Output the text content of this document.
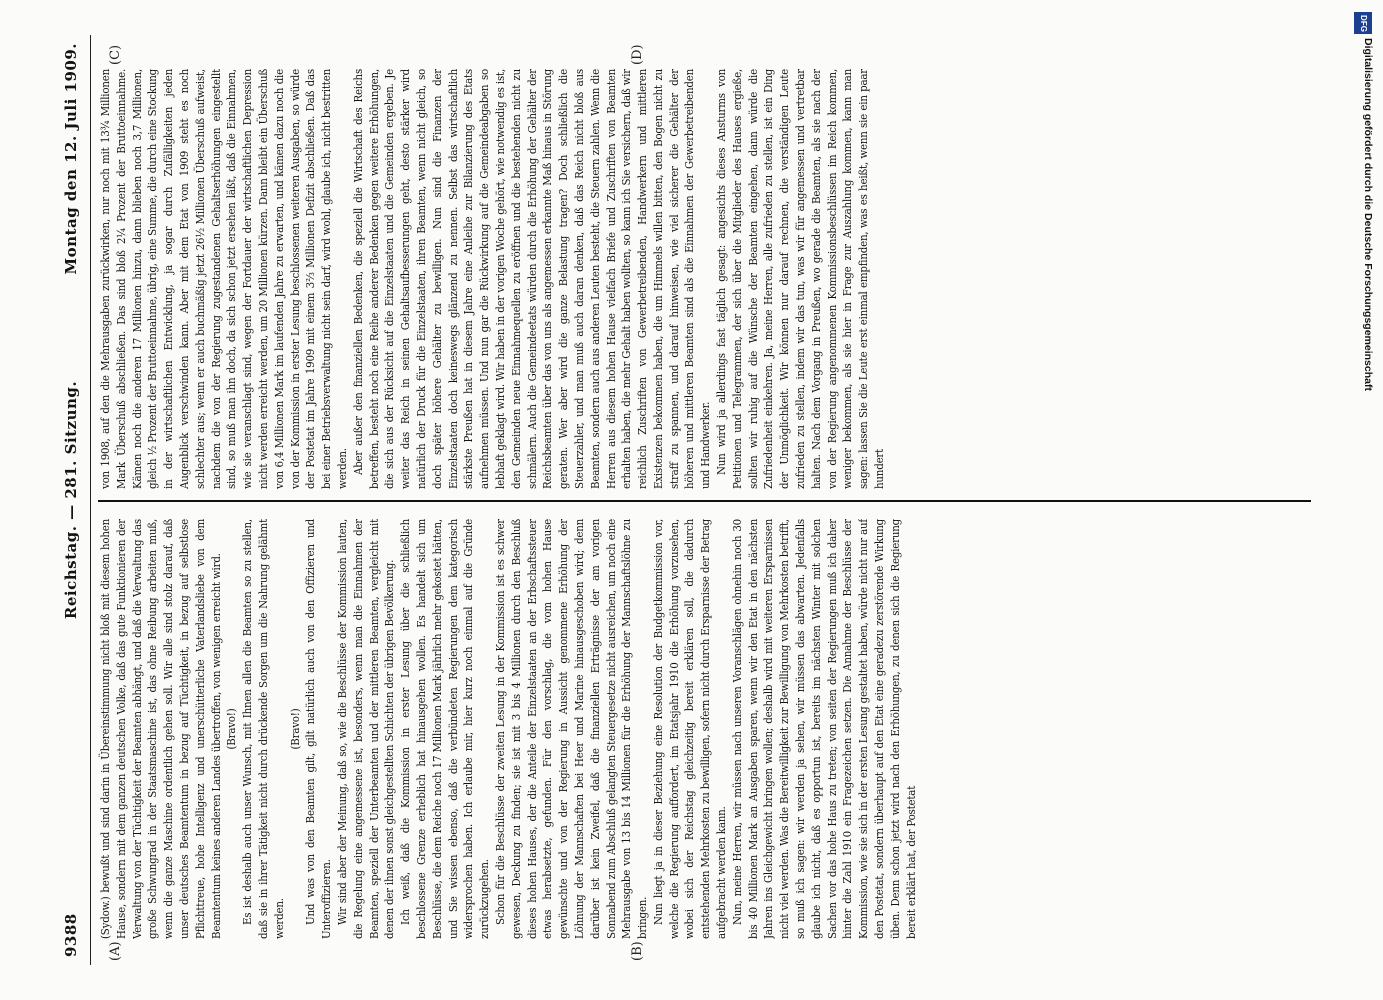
9388
Reichstag. — 281. Sitzung.
Montag den 12. Juli 1909.
(A)	(B)
(C)	(D)

(Sydow.) bewußt und sind darin in Übereinstimmung nicht bloß mit diesem hohen Hause, sondern mit dem ganzen deutschen Volke, daß das gute Funktionieren der Verwaltung von der Tüchtigkeit der Beamten abhängt, und daß die Verwaltung das große Schwungrad in der Staatsmaschine ist, das ohne Reibung arbeiten muß, wenn die ganze Maschine ordentlich gehen soll. Wir alle sind stolz darauf, daß unser deutsches Beamtentum in bezug auf Tüchtigkeit, in bezug auf selbstlose Pflichttreue, hohe Intelligenz und unerschütterliche Vaterlandsliebe von dem Beamtentum keines anderen Landes übertroffen, von wenigen erreicht wird. (Bravo!) Es ist deshalb auch unser Wunsch, mit Ihnen allen die Beamten so zu stellen, daß sie in ihrer Tätigkeit nicht durch drückende Sorgen um die Nahrung gelähmt werden.

(Bravo!) Und was von den Beamten gilt, gilt natürlich auch von den Offizieren und Unteroffizieren. Wir sind aber der Meinung, daß so, wie die Beschlüsse der Kommission lauten, die Regelung eine angemessene ist, besonders, wenn man die Einnahmen der Beamten, speziell der Unterbeamten und der mittleren Beamten, vergleicht mit denen der ihnen sonst gleichgestellten Schichten der übrigen Bevölkerung. Ich weiß, daß die Kommission in erster Lesung über die schließlich beschlossene Grenze erheblich hat hinausgehen wollen. Es handelt sich um Beschlüsse, die dem Reiche noch 17 Millionen Mark jährlich mehr gekostet hätten, und Sie wissen ebenso, daß die verbündeten Regierungen dem kategorisch widersprochen haben. Ich erlaube mir, hier kurz noch einmal auf die Gründe zurückzugehen. Schon für die Beschlüsse der zweiten Lesung in der Kommission ist es schwer gewesen, Deckung zu finden; sie ist mit 3 bis 4 Millionen durch den Beschluß dieses hohen Hauses, der die Anteile der Einzelstaaten an der Erbschaftssteuer etwas herabsetzte, gefunden. Für den vorschlag, die vom hohen Hause gewünschte und von der Regierung in Aussicht genommene Erhöhung der Löhnung der Mannschaften bei Heer und Marine hinausgeschoben wird; denn darüber ist kein Zweifel, daß die finanziellen Erträgnisse der am vorigen Sonnabend zum Abschluß gelangten Steuergesetze nicht ausreichen, um noch eine Mehrausgabe von 13 bis 14 Millionen für die Erhöhung der Mannschaftslöhne zu bringen. Nun liegt ja in dieser Beziehung eine Resolution der Budgetkommission vor, welche die Regierung auffordert, im Etatsjahr 1910 die Erhöhung vorzusehen, wobei sich der Reichstag gleichzeitig bereit erklären soll, die dadurch entstehenden Mehrkosten zu bewilligen, sofern nicht durch Ersparnisse der Betrag aufgebracht werden kann. Nun, meine Herren, wir müssen nach unseren Voranschlägen ohnehin noch 30 bis 40 Millionen Mark an Ausgaben sparen, wenn wir den Etat in den nächsten Jahren ins Gleichgewicht bringen wollen; deshalb wird mit weiteren Ersparnissen nicht viel werden. Was die Bereitwilligkeit zur Bewilligung von Mehrkosten betrifft, so muß ich sagen: wir werden ja sehen, wir müssen das abwarten. Jedenfalls glaube ich nicht, daß es opportun ist, bereits im nächsten Winter mit solchen Sachen vor das hohe Haus zu treten; von seiten der Regierungen muß ich daher hinter die Zahl 1910 ein Fragezeichen setzen. Die Annahme der Beschlüsse der Kommission, wie sie sich in der ersten Lesung gestaltet haben, würde nicht nur auf den Postetat, sondern überhaupt auf den Etat eine geradezu zerstörende Wirkung üben. Denn schon jetzt wird nach den Erhöhungen, zu denen sich die Regierung bereit erklärt hat, der Postetat

von 1908, auf den die Mehrausgaben zurückwirken, nur noch mit 13¾ Millionen Mark Überschuß abschließen. Das sind bloß 2¼ Prozent der Bruttoeinnahme. Kämen noch die anderen 17 Millionen hinzu, dann blieben noch 3,7 Millionen, gleich ½ Prozent der Bruttoeinnahme, übrig, eine Summe, die durch eine Stockung in der wirtschaftlichen Entwicklung, ja sogar durch Zufälligkeiten jeden Augenblick verschwinden kann. Aber mit dem Etat von 1909 steht es noch schlechter aus; wenn er auch buchmäßig jetzt 26½ Millionen Überschuß aufweist, nachdem die von der Regierung zugestandenen Gehaltserhöhungen eingestellt sind, so muß man ihn doch, da sich schon jetzt ersehen läßt, daß die Einnahmen, wie sie veranschlagt sind, wegen der Fortdauer der wirtschaftlichen Depression nicht werden erreicht werden, um 20 Millionen kürzen. Dann bleibt ein Überschuß von 6,4 Millionen Mark im laufenden Jahre zu erwarten, und kämen dazu noch die von der Kommission in erster Lesung beschlossenen weiteren Ausgaben, so würde der Postetat im Jahre 1909 mit einem 3⅔ Millionen Defizit abschließen. Daß das bei einer Betriebsverwaltung nicht sein darf, wird wohl, glaube ich, nicht bestritten werden. Aber außer den finanziellen Bedenken, die speziell die Wirtschaft des Reichs betreffen, besteht noch eine Reihe anderer Bedenken gegen weitere Erhöhungen, die sich aus der Rücksicht auf die Einzelstaaten und die Gemeinden ergeben. Je weiter das Reich in seinen Gehaltsaufbesserungen geht, desto stärker wird natürlich der Druck für die Einzelstaaten, ihren Beamten, wenn nicht gleich, so doch später höhere Gehälter zu bewilligen. Nun sind die Finanzen der Einzelstaaten doch keineswegs glänzend zu nennen. Selbst das wirtschaftlich stärkste Preußen hat in diesem Jahre eine Anleihe zur Bilanzierung des Etats aufnehmen müssen. Und nun gar die Rückwirkung auf die Gemeindeabgaben so lebhaft geklagt wird. Wir haben in der vorigen Woche gehört, wie notwendig es ist, den Gemeinden neue Einnahmequellen zu eröffnen und die bestehenden nicht zu schmälern. Auch die Gemeindeetats würden durch die Erhöhung der Gehälter der Reichsbeamten über das von uns als angemessen erkannte Maß hinaus in Störung geraten. Wer aber wird die ganze Belastung tragen? Doch schließlich die Steuerzahler, und man muß auch daran denken, daß das Reich nicht bloß aus Beamten, sondern auch aus anderen Leuten besteht, die Steuern zahlen. Wenn die Herren aus diesem hohen Hause vielfach Briefe und Zuschriften von Beamten erhalten haben, die mehr Gehalt haben wollten, so kann ich Sie versichern, daß wir reichlich Zuschriften von Gewerbetreibenden, Handwerkern und mittleren Existenzen bekommen haben, die um Himmels willen bitten, den Bogen nicht zu straff zu spannen, und darauf hinweisen, wie viel sicherer die Gehälter der höheren und mittleren Beamten sind als die Einnahmen der Gewerbetreibenden und Handwerker. Nun wird ja allerdings fast täglich gesagt: angesichts dieses Ansturms von Petitionen und Telegrammen, der sich über die Mitglieder des Hauses ergieße, sollten wir ruhig auf die Wünsche der Beamten eingehen, dann würde die Zufriedenheit einkehren. Ja, meine Herren, alle zufrieden zu stellen, ist ein Ding der Unmöglichkeit. Wir können nur darauf rechnen, die verständigen Leute zufrieden zu stellen, indem wir das tun, was wir für angemessen und vertretbar halten. Nach dem Vorgang in Preußen, wo gerade die Beamten, als sie nach der von der Regierung angenommenen Kommissionsbeschlüssen im Reich kommen, weniger bekommen, als sie hier in Frage zur Auszahlung kommen, kann man sagen: lassen Sie die Leute erst einmal empfinden, was es heißt, wenn sie ein paar hundert

DFG
Digitalisierung gefördert durch die Deutsche Forschungsgemeinschaft
